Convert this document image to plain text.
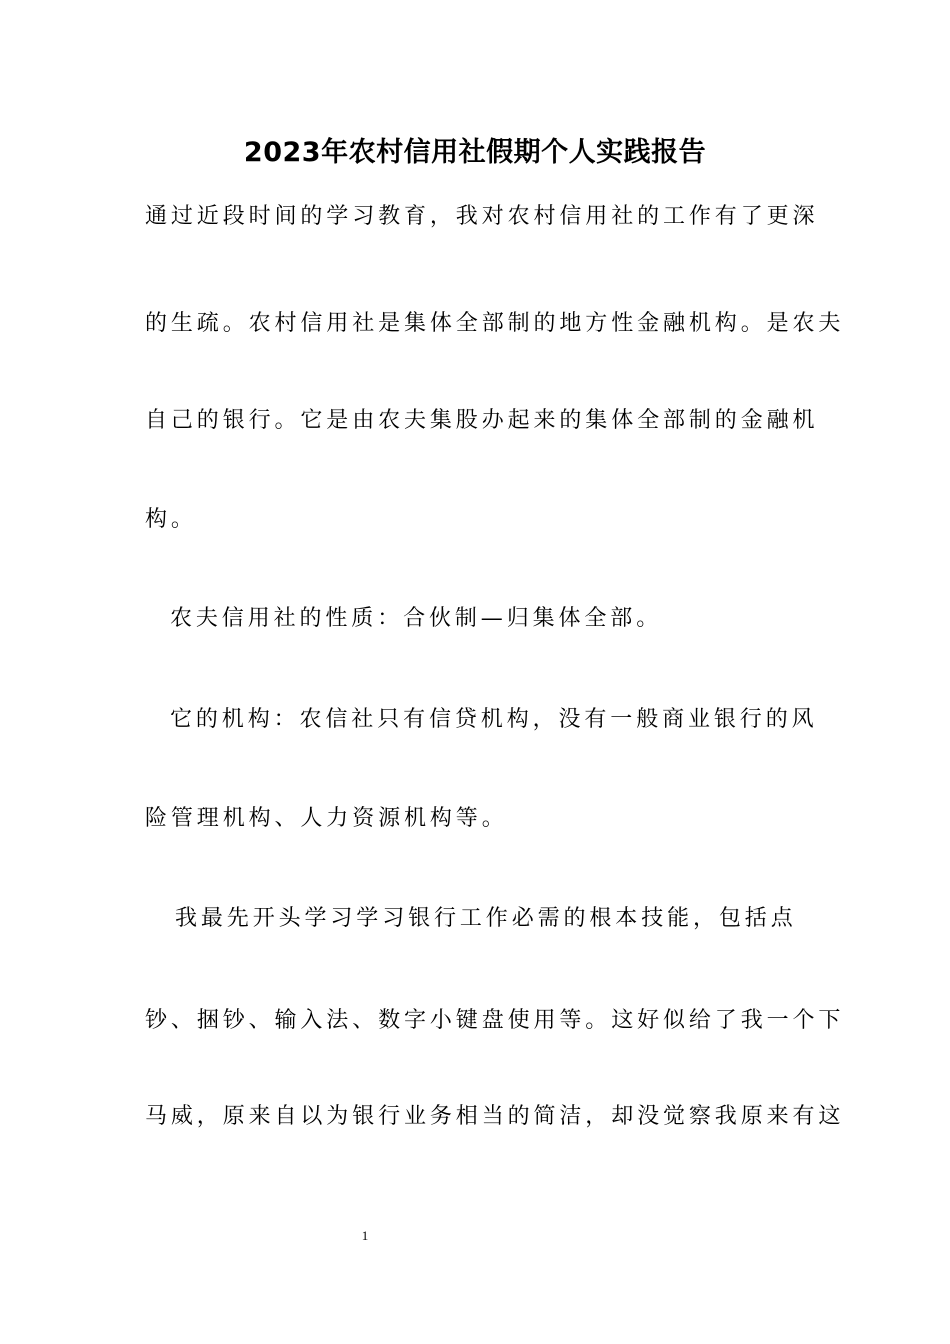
2023年农村信用社假期个人实践报告
通过近段时间的学习教育，我对农村信用社的工作有了更深
的生疏。农村信用社是集体全部制的地方性金融机构。是农夫
自己的银行。它是由农夫集股办起来的集体全部制的金融机
构。
农夫信用社的性质：合伙制—归集体全部。
它的机构：农信社只有信贷机构，没有一般商业银行的风
险管理机构、人力资源机构等。
我最先开头学习学习银行工作必需的根本技能，包括点
钞、捆钞、输入法、数字小键盘使用等。这好似给了我一个下
马威，原来自以为银行业务相当的简洁，却没觉察我原来有这
1
